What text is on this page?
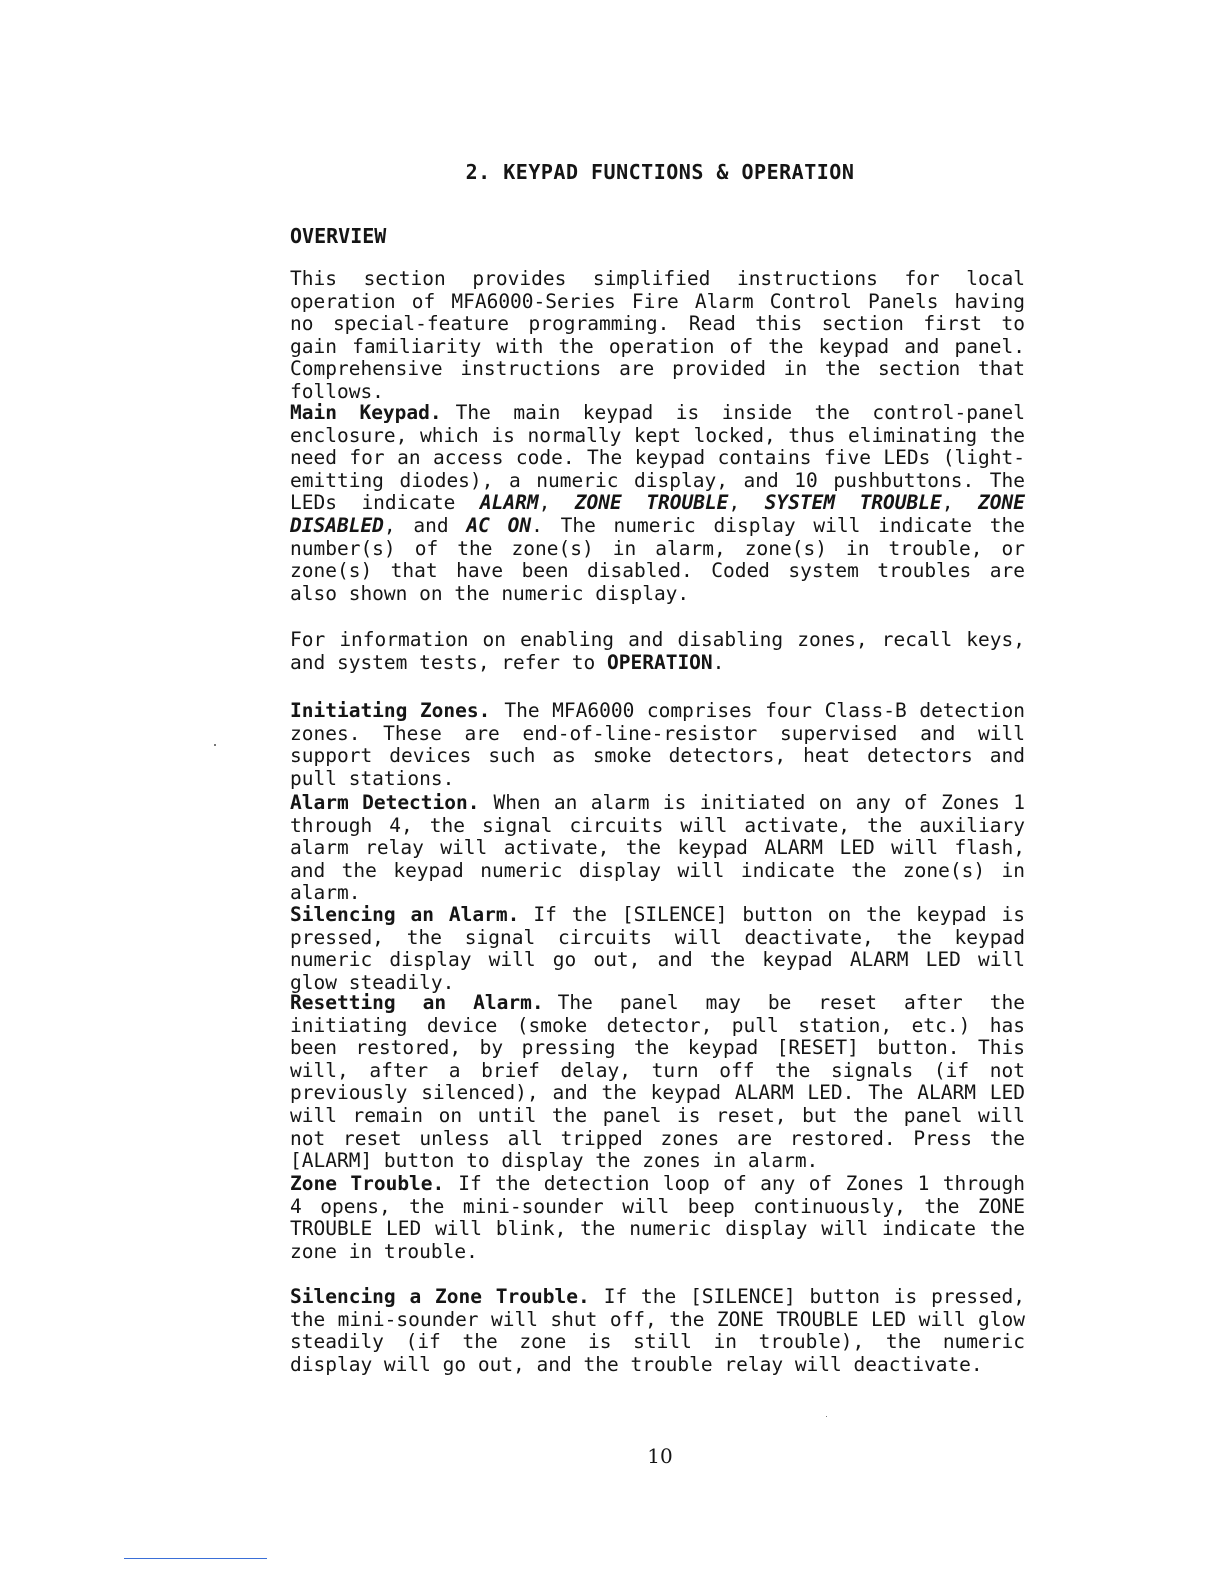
2. KEYPAD FUNCTIONS & OPERATION
OVERVIEW

This section provides simplified instructions for local operation of MFA6000-Series Fire Alarm Control Panels having no special-feature programming. Read this section first to gain familiarity with the operation of the keypad and panel. Comprehensive instructions are provided in the section that follows.

Main Keypad. The main keypad is inside the control-panel enclosure, which is normally kept locked, thus eliminating the need for an access code. The keypad contains five LEDs (light-emitting diodes), a numeric display, and 10 pushbuttons. The LEDs indicate ALARM, ZONE TROUBLE, SYSTEM TROUBLE, ZONE DISABLED, and AC ON. The numeric display will indicate the number(s) of the zone(s) in alarm, zone(s) in trouble, or zone(s) that have been disabled. Coded system troubles are also shown on the numeric display.

For information on enabling and disabling zones, recall keys, and system tests, refer to OPERATION.

Initiating Zones. The MFA6000 comprises four Class-B detection zones. These are end-of-line-resistor supervised and will support devices such as smoke detectors, heat detectors and pull stations.

Alarm Detection. When an alarm is initiated on any of Zones 1 through 4, the signal circuits will activate, the auxiliary alarm relay will activate, the keypad ALARM LED will flash, and the keypad numeric display will indicate the zone(s) in alarm.

Silencing an Alarm. If the [SILENCE] button on the keypad is pressed, the signal circuits will deactivate, the keypad numeric display will go out, and the keypad ALARM LED will glow steadily.

Resetting an Alarm. The panel may be reset after the initiating device (smoke detector, pull station, etc.) has been restored, by pressing the keypad [RESET] button. This will, after a brief delay, turn off the signals (if not previously silenced), and the keypad ALARM LED. The ALARM LED will remain on until the panel is reset, but the panel will not reset unless all tripped zones are restored. Press the [ALARM] button to display the zones in alarm.

Zone Trouble. If the detection loop of any of Zones 1 through 4 opens, the mini-sounder will beep continuously, the ZONE TROUBLE LED will blink, the numeric display will indicate the zone in trouble.

Silencing a Zone Trouble. If the [SILENCE] button is pressed, the mini-sounder will shut off, the ZONE TROUBLE LED will glow steadily (if the zone is still in trouble), the numeric display will go out, and the trouble relay will deactivate.

10
